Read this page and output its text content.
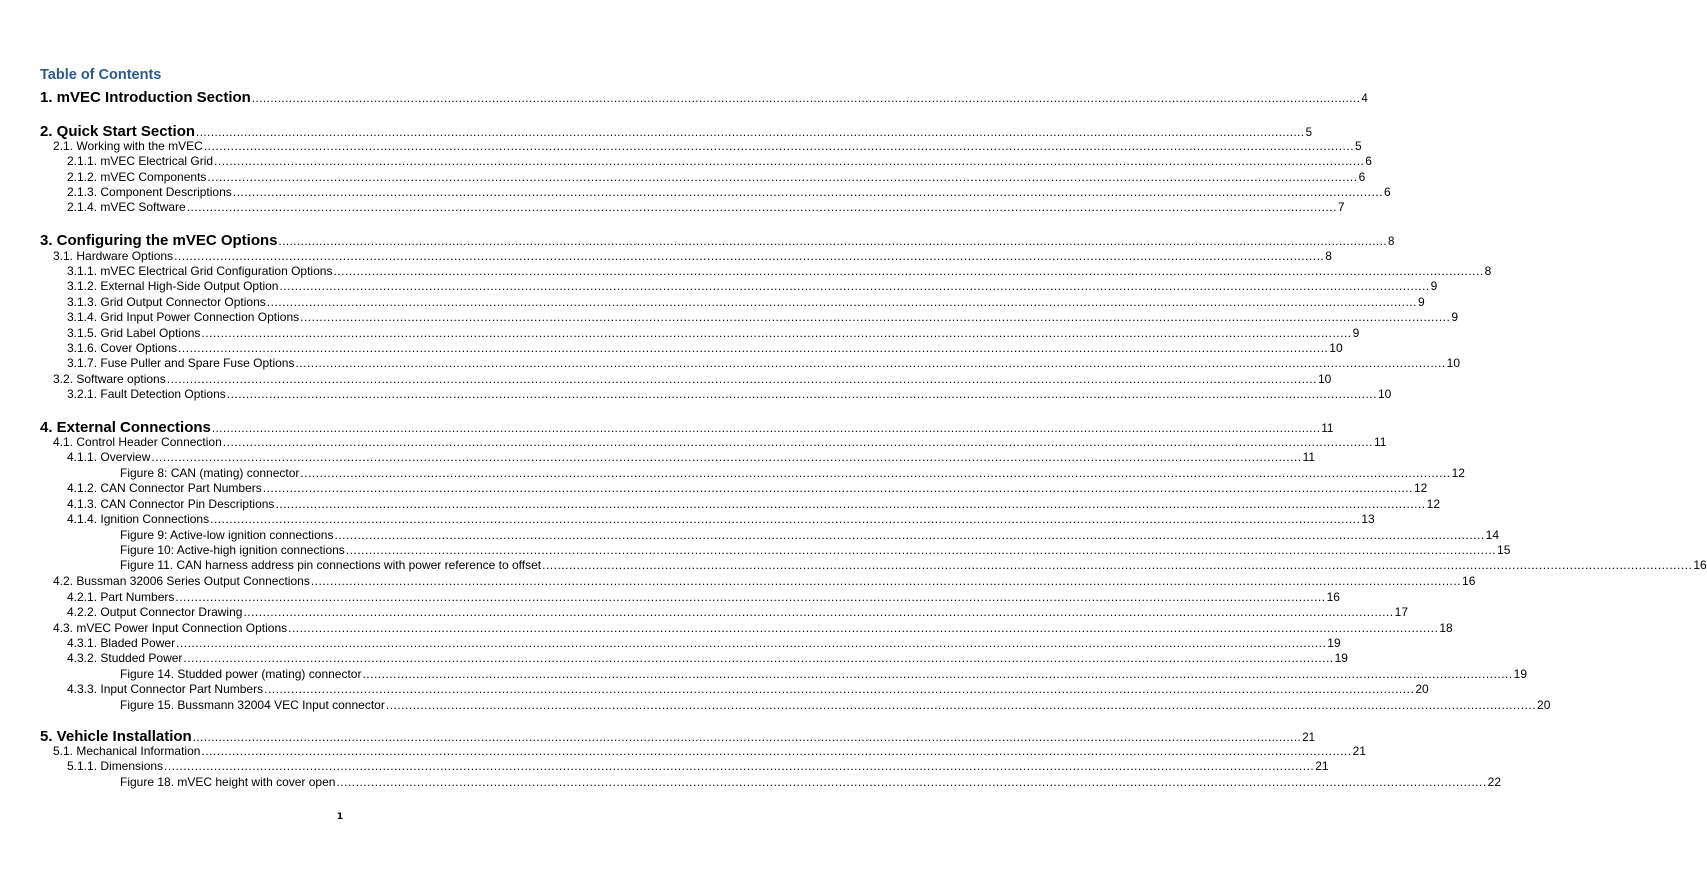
Table of Contents
1. mVEC Introduction Section ............................................................................................................................................................................................................................................................................................................ 4
2. Quick Start Section ............................................................................................................................................................................................................................................................................................................ 5
2.1. Working with the mVEC ............................................................................................................................................................................................................................................................................................................ 5
2.1.1. mVEC Electrical Grid ............................................................................................................................................................................................................................................................................................................ 6
2.1.2. mVEC Components ............................................................................................................................................................................................................................................................................................................ 6
2.1.3. Component Descriptions ............................................................................................................................................................................................................................................................................................................ 6
2.1.4. mVEC Software ............................................................................................................................................................................................................................................................................................................ 7
3. Configuring the mVEC Options ............................................................................................................................................................................................................................................................................................................ 8
3.1. Hardware Options ............................................................................................................................................................................................................................................................................................................ 8
3.1.1. mVEC Electrical Grid Configuration Options ............................................................................................................................................................................................................................................................................................................ 8
3.1.2. External High-Side Output Option ............................................................................................................................................................................................................................................................................................................ 9
3.1.3. Grid Output Connector Options ............................................................................................................................................................................................................................................................................................................ 9
3.1.4. Grid Input Power Connection Options ............................................................................................................................................................................................................................................................................................................ 9
3.1.5. Grid Label Options ............................................................................................................................................................................................................................................................................................................ 9
3.1.6. Cover Options ............................................................................................................................................................................................................................................................................................................ 10
3.1.7. Fuse Puller and Spare Fuse Options ............................................................................................................................................................................................................................................................................................................ 10
3.2. Software options ............................................................................................................................................................................................................................................................................................................ 10
3.2.1. Fault Detection Options ............................................................................................................................................................................................................................................................................................................ 10
4. External Connections ............................................................................................................................................................................................................................................................................................................ 11
4.1. Control Header Connection ............................................................................................................................................................................................................................................................................................................ 11
4.1.1. Overview ............................................................................................................................................................................................................................................................................................................ 11
Figure 8: CAN (mating) connector ............................................................................................................................................................................................................................................................................................................ 12
4.1.2. CAN Connector Part Numbers ............................................................................................................................................................................................................................................................................................................ 12
4.1.3. CAN Connector Pin Descriptions ............................................................................................................................................................................................................................................................................................................ 12
4.1.4. Ignition Connections ............................................................................................................................................................................................................................................................................................................ 13
Figure 9: Active-low ignition connections ............................................................................................................................................................................................................................................................................................................ 14
Figure 10: Active-high ignition connections ............................................................................................................................................................................................................................................................................................................ 15
Figure 11. CAN harness address pin connections with power reference to offset ............................................................................................................................................................................................................................................................................................................ 16
4.2. Bussman 32006 Series Output Connections ............................................................................................................................................................................................................................................................................................................ 16
4.2.1. Part Numbers ............................................................................................................................................................................................................................................................................................................ 16
4.2.2. Output Connector Drawing ............................................................................................................................................................................................................................................................................................................ 17
4.3. mVEC Power Input Connection Options ............................................................................................................................................................................................................................................................................................................ 18
4.3.1. Bladed Power ............................................................................................................................................................................................................................................................................................................ 19
4.3.2. Studded Power ............................................................................................................................................................................................................................................................................................................ 19
Figure 14. Studded power (mating) connector ............................................................................................................................................................................................................................................................................................................ 19
4.3.3. Input Connector Part Numbers ............................................................................................................................................................................................................................................................................................................ 20
Figure 15. Bussmann 32004 VEC Input connector ............................................................................................................................................................................................................................................................................................................ 20
5. Vehicle Installation ............................................................................................................................................................................................................................................................................................................ 21
5.1. Mechanical Information ............................................................................................................................................................................................................................................................................................................ 21
5.1.1. Dimensions ............................................................................................................................................................................................................................................................................................................ 21
Figure 18. mVEC height with cover open ............................................................................................................................................................................................................................................................................................................ 22
1
